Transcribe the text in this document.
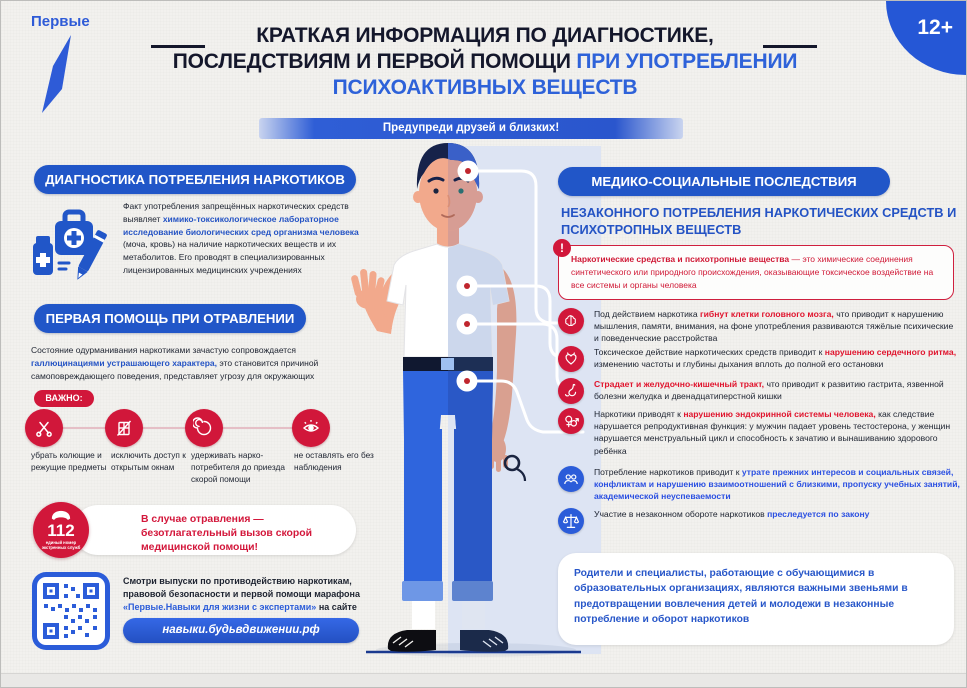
Первые	12+
КРАТКАЯ ИНФОРМАЦИЯ ПО ДИАГНОСТИКЕ,
ПОСЛЕДСТВИЯМ И ПЕРВОЙ ПОМОЩИ ПРИ УПОТРЕБЛЕНИИ
ПСИХОАКТИВНЫХ ВЕЩЕСТВ
Предупреди друзей и близких!
ДИАГНОСТИКА ПОТРЕБЛЕНИЯ НАРКОТИКОВ

Факт употребления запрещённых наркотических средств выявляет химико-токсикологическое лабораторное исследование биологических сред организма человека (моча, кровь) на наличие наркотических веществ и их метаболитов. Его проводят в специализированных лицензированных медицинских учреждениях

ПЕРВАЯ ПОМОЩЬ ПРИ ОТРАВЛЕНИИ

Состояние одурманивания наркотиками зачастую сопровождается галлюцинациями устрашающего характера, это становится причиной самоповреждающего поведения, представляет угрозу для окружающих

ВАЖНО:
убрать колющие и режущие предметы
исключить доступ к открытым окнам
удерживать нарко-потребителя до приезда скорой помощи
не оставлять его без наблюдения
В случае отравления — безотлагательный вызов скорой медицинской помощи!
112
единый номер экстренных служб

Смотри выпуски по противодействию наркотикам, правовой безопасности и первой помощи марафона «Первые.Навыки для жизни с экспертами» на сайте

навыки.будьвдвижении.рф
МЕДИКО-СОЦИАЛЬНЫЕ ПОСЛЕДСТВИЯ
НЕЗАКОННОГО ПОТРЕБЛЕНИЯ НАРКОТИЧЕСКИХ СРЕДСТВ И ПСИХОТРОПНЫХ ВЕЩЕСТВ
!
Наркотические средства и психотропные вещества — это химические соединения синтетического или природного происхождения, оказывающие токсическое воздействие на все системы и органы человека

Под действием наркотика гибнут клетки головного мозга, что приводит к нарушению мышления, памяти, внимания, на фоне употребления развиваются тяжёлые психические и поведенческие расстройства

Токсическое действие наркотических средств приводит к нарушению сердечного ритма, изменению частоты и глубины дыхания вплоть до полной его остановки

Страдает и желудочно-кишечный тракт, что приводит к развитию гастрита, язвенной болезни желудка и двенадцатиперстной кишки

Наркотики приводят к нарушению эндокринной системы человека, как следствие нарушается репродуктивная функция: у мужчин падает уровень тестостерона, у женщин нарушается менструальный цикл и способность к зачатию и вынашиванию здорового ребёнка

Потребление наркотиков приводит к утрате прежних интересов и социальных связей, конфликтам и нарушению взаимоотношений с близкими, пропуску учебных занятий, академической неуспеваемости

Участие в незаконном обороте наркотиков преследуется по закону

Родители и специалисты, работающие с обучающимися в образовательных организациях, являются важными звеньями в предотвращении вовлечения детей и молодежи в незаконные потребление и оборот наркотиков
